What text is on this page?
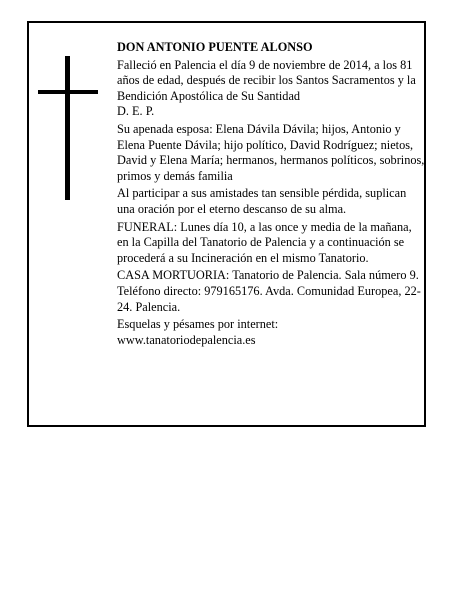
DON ANTONIO PUENTE ALONSO

Falleció en Palencia el día 9 de noviembre de 2014, a los 81 años de edad, después de recibir los Santos Sacramentos y la Bendición Apostólica de Su Santidad

D. E. P.

Su apenada esposa: Elena Dávila Dávila; hijos, Antonio y Elena Puente Dávila; hijo político, David Rodríguez; nietos, David y Elena María; hermanos, hermanos políticos, sobrinos, primos y demás familia

Al participar a sus amistades tan sensible pérdida, suplican una oración por el eterno descanso de su alma.

FUNERAL: Lunes día 10, a las once y media de la mañana, en la Capilla del Tanatorio de Palencia y a continuación se procederá a su Incineración en el mismo Tanatorio.

CASA MORTUORIA: Tanatorio de Palencia. Sala número 9. Teléfono directo: 979165176. Avda. Comunidad Europea, 22-24. Palencia.

Esquelas y pésames por internet:

www.tanatoriodepalencia.es
